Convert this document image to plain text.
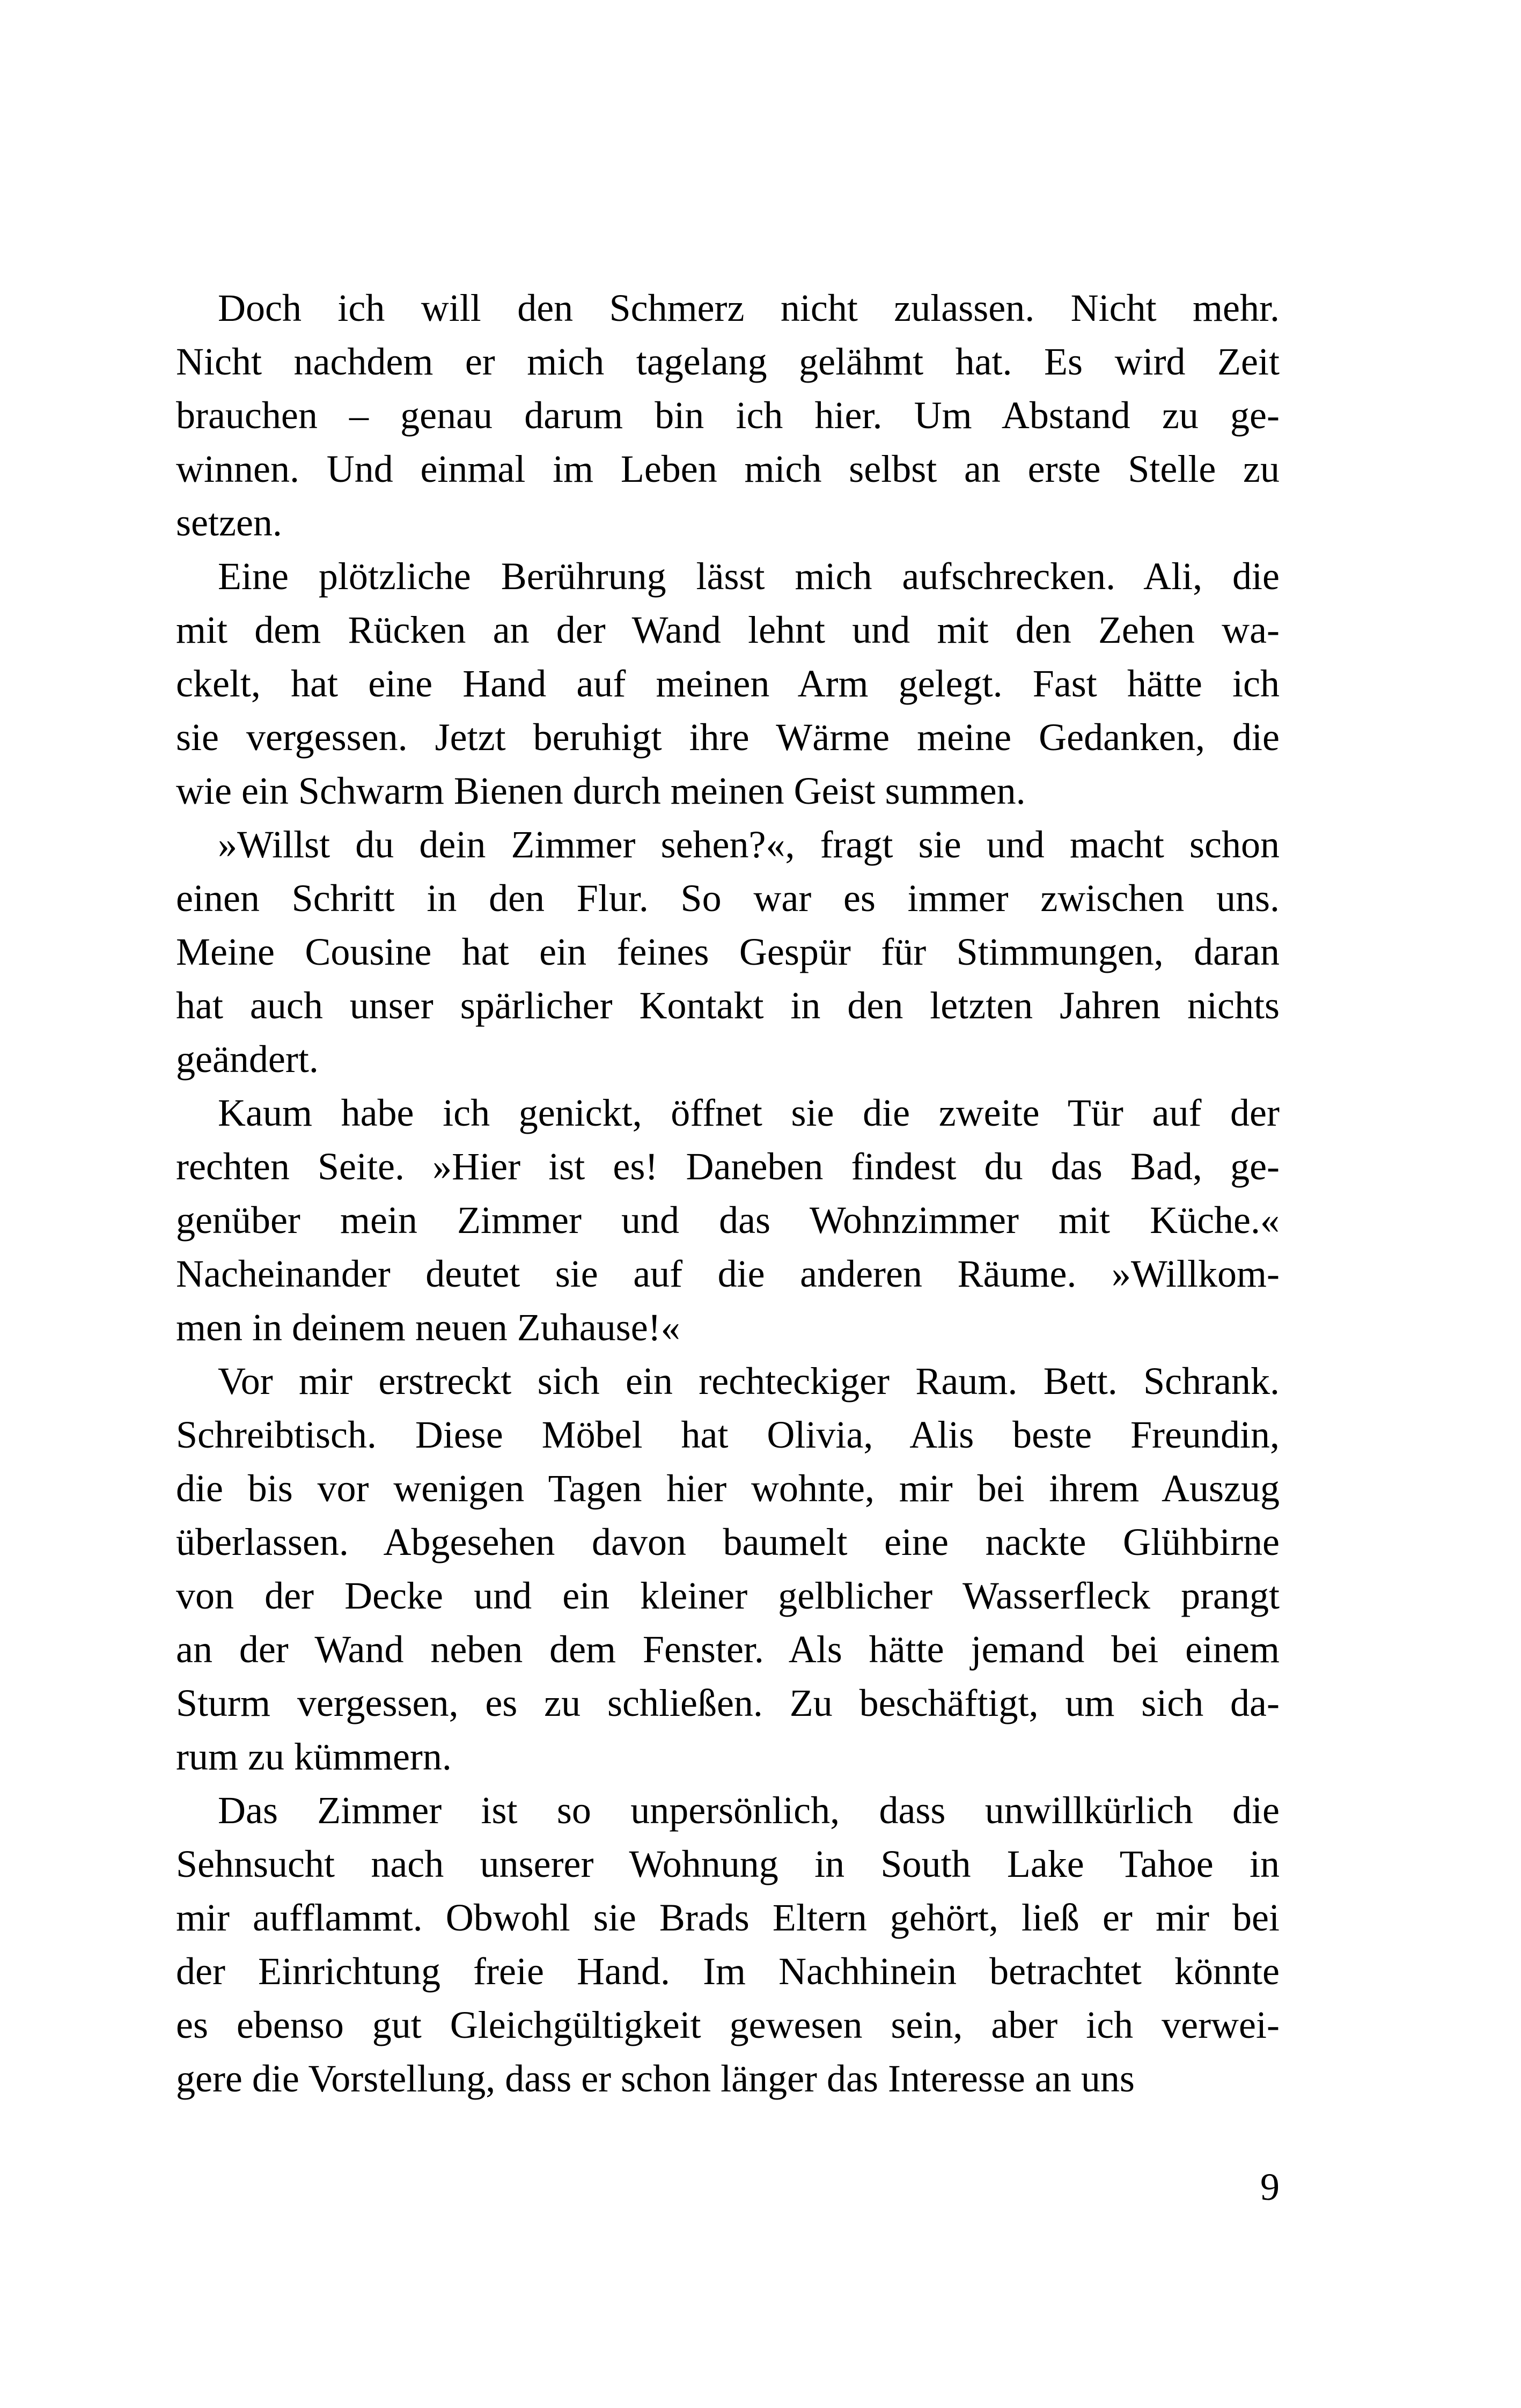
Doch ich will den Schmerz nicht zulassen. Nicht mehr.
Nicht nachdem er mich tagelang gelähmt hat. Es wird Zeit
brauchen – genau darum bin ich hier. Um Abstand zu ge-
winnen. Und einmal im Leben mich selbst an erste Stelle zu
setzen.
Eine plötzliche Berührung lässt mich aufschrecken. Ali, die
mit dem Rücken an der Wand lehnt und mit den Zehen wa-
ckelt, hat eine Hand auf meinen Arm gelegt. Fast hätte ich
sie vergessen. Jetzt beruhigt ihre Wärme meine Gedanken, die
wie ein Schwarm Bienen durch meinen Geist summen.
»Willst du dein Zimmer sehen?«, fragt sie und macht schon
einen Schritt in den Flur. So war es immer zwischen uns.
Meine Cousine hat ein feines Gespür für Stimmungen, daran
hat auch unser spärlicher Kontakt in den letzten Jahren nichts
geändert.
Kaum habe ich genickt, öffnet sie die zweite Tür auf der
rechten Seite. »Hier ist es! Daneben findest du das Bad, ge-
genüber mein Zimmer und das Wohnzimmer mit Küche.«
Nacheinander deutet sie auf die anderen Räume. »Willkom-
men in deinem neuen Zuhause!«
Vor mir erstreckt sich ein rechteckiger Raum. Bett. Schrank.
Schreibtisch. Diese Möbel hat Olivia, Alis beste Freundin,
die bis vor wenigen Tagen hier wohnte, mir bei ihrem Auszug
überlassen. Abgesehen davon baumelt eine nackte Glühbirne
von der Decke und ein kleiner gelblicher Wasserfleck prangt
an der Wand neben dem Fenster. Als hätte jemand bei einem
Sturm vergessen, es zu schließen. Zu beschäftigt, um sich da-
rum zu kümmern.
Das Zimmer ist so unpersönlich, dass unwillkürlich die
Sehnsucht nach unserer Wohnung in South Lake Tahoe in
mir aufflammt. Obwohl sie Brads Eltern gehört, ließ er mir bei
der Einrichtung freie Hand. Im Nachhinein betrachtet könnte
es ebenso gut Gleichgültigkeit gewesen sein, aber ich verwei-
gere die Vorstellung, dass er schon länger das Interesse an uns
9
